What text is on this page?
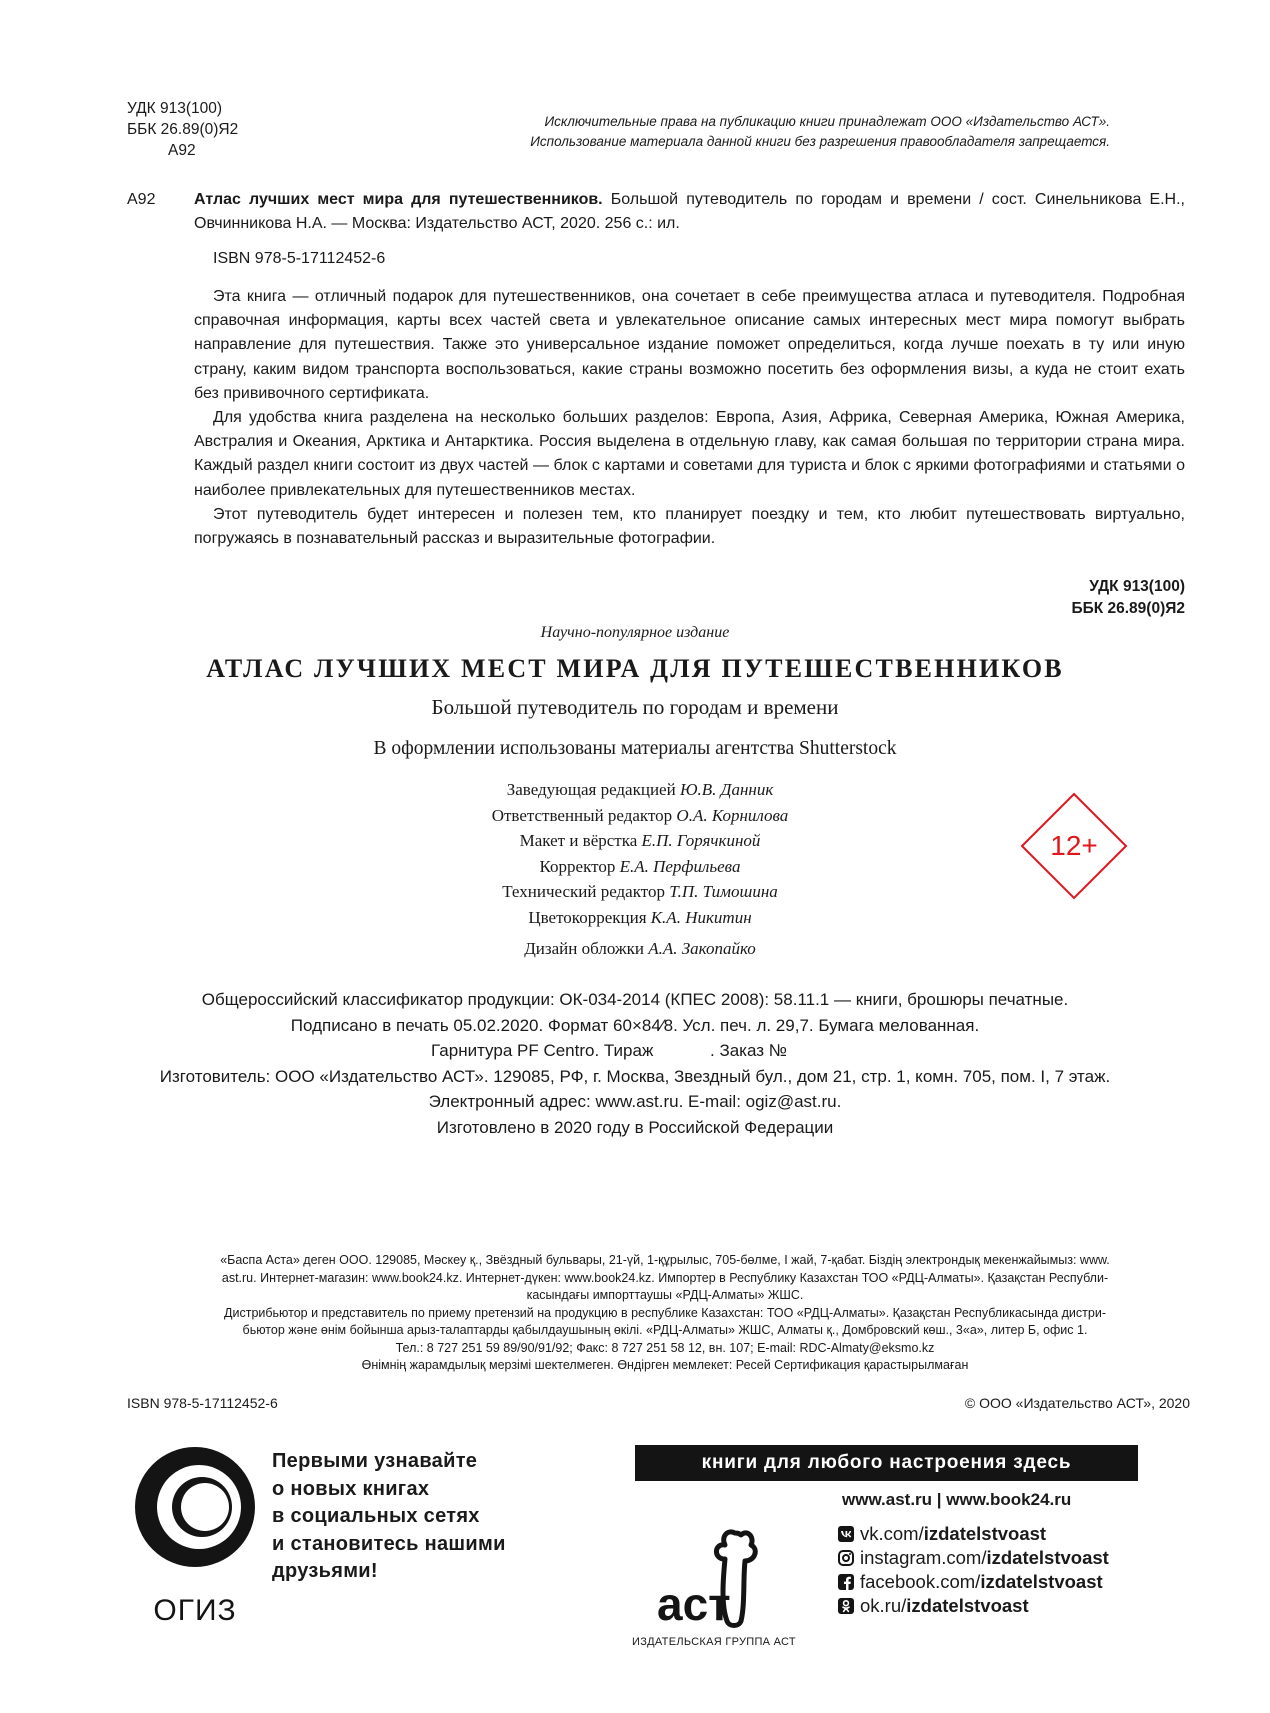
УДК 913(100)
ББК 26.89(0)Я2
А92
Исключительные права на публикацию книги принадлежат ООО «Издательство АСТ».
Использование материала данной книги без разрешения правообладателя запрещается.
А92 Атлас лучших мест мира для путешественников. Большой путеводитель по городам и времени / сост. Синельникова Е.Н., Овчинникова Н.А. — Москва: Издательство АСТ, 2020. 256 с.: ил.
ISBN 978-5-17112452-6

Эта книга — отличный подарок для путешественников, она сочетает в себе преимущества атласа и путеводителя. Подробная справочная информация, карты всех частей света и увлекательное описание самых интересных мест мира помогут выбрать направление для путешествия. Также это универсальное издание поможет определиться, когда лучше поехать в ту или иную страну, каким видом транспорта воспользоваться, какие страны возможно посетить без оформления визы, а куда не стоит ехать без прививочного сертификата.

Для удобства книга разделена на несколько больших разделов: Европа, Азия, Африка, Северная Америка, Южная Америка, Австралия и Океания, Арктика и Антарктика. Россия выделена в отдельную главу, как самая большая по территории страна мира. Каждый раздел книги состоит из двух частей — блок с картами и советами для туриста и блок с яркими фотографиями и статьями о наиболее привлекательных для путешественников местах.

Этот путеводитель будет интересен и полезен тем, кто планирует поездку и тем, кто любит путешествовать виртуально, погружаясь в познавательный рассказ и выразительные фотографии.

УДК 913(100)
ББК 26.89(0)Я2
Научно-популярное издание
АТЛАС ЛУЧШИХ МЕСТ МИРА ДЛЯ ПУТЕШЕСТВЕННИКОВ
Большой путеводитель по городам и времени
В оформлении использованы материалы агентства Shutterstock
Заведующая редакцией Ю.В. Данник
Ответственный редактор О.А. Корнилова
Макет и вёрстка Е.П. Горячкиной
Корректор Е.А. Перфильева
Технический редактор Т.П. Тимошина
Цветокоррекция К.А. Никитин
Дизайн обложки А.А. Закопайко
12+
Общероссийский классификатор продукции: ОК-034-2014 (КПЕС 2008): 58.11.1 — книги, брошюры печатные.
Подписано в печать 05.02.2020. Формат 60×84⁄8. Усл. печ. л. 29,7. Бумага мелованная.
Гарнитура PF Centro. Тираж            . Заказ №
Изготовитель: ООО «Издательство АСТ». 129085, РФ, г. Москва, Звездный бул., дом 21, стр. 1, комн. 705, пом. I, 7 этаж.
Электронный адрес: www.ast.ru. E-mail: ogiz@ast.ru.
Изготовлено в 2020 году в Российской Федерации
«Баспа Аста» деген ООО. 129085, Мәскеу қ., Звёздный бульвары, 21-үй, 1-құрылыс, 705-бөлме, I жай, 7-қабат. Біздің электрондық мекенжайымыз: www.
ast.ru. Интернет-магазин: www.book24.kz. Интернет-дүкен: www.book24.kz. Импортер в Республику Казахстан ТОО «РДЦ-Алматы». Қазақстан Республи-
касындағы импорттаушы «РДЦ-Алматы» ЖШС.
Дистрибьютор и представитель по приему претензий на продукцию в республике Казахстан: ТОО «РДЦ-Алматы». Қазақстан Республикасында дистри-
бьютор және өнім бойынша арыз-талаптарды қабылдаушының өкілі. «РДЦ-Алматы» ЖШС, Алматы қ., Домбровский көш., 3«а», литер Б, офис 1.
Тел.: 8 727 251 59 89/90/91/92; Факс: 8 727 251 58 12, вн. 107; E-mail: RDC-Almaty@eksmo.kz
Өнімнің жарамдылық мерзімі шектелмеген. Өндірген мемлекет: Ресей Сертификация қарастырылмаған
ISBN 978-5-17112452-6	© ООО «Издательство АСТ», 2020
ОГИЗ
Первыми узнавайте
о новых книгах
в социальных сетях
и становитесь нашими
друзьями!
книги для любого настроения здесь
аст
ИЗДАТЕЛЬСКАЯ ГРУППА АСТ
www.ast.ru | www.book24.ru
vk.com/ izdatelstvoast
instagram.com/ izdatelstvoast
facebook.com/ izdatelstvoast
ok.ru/ izdatelstvoast
